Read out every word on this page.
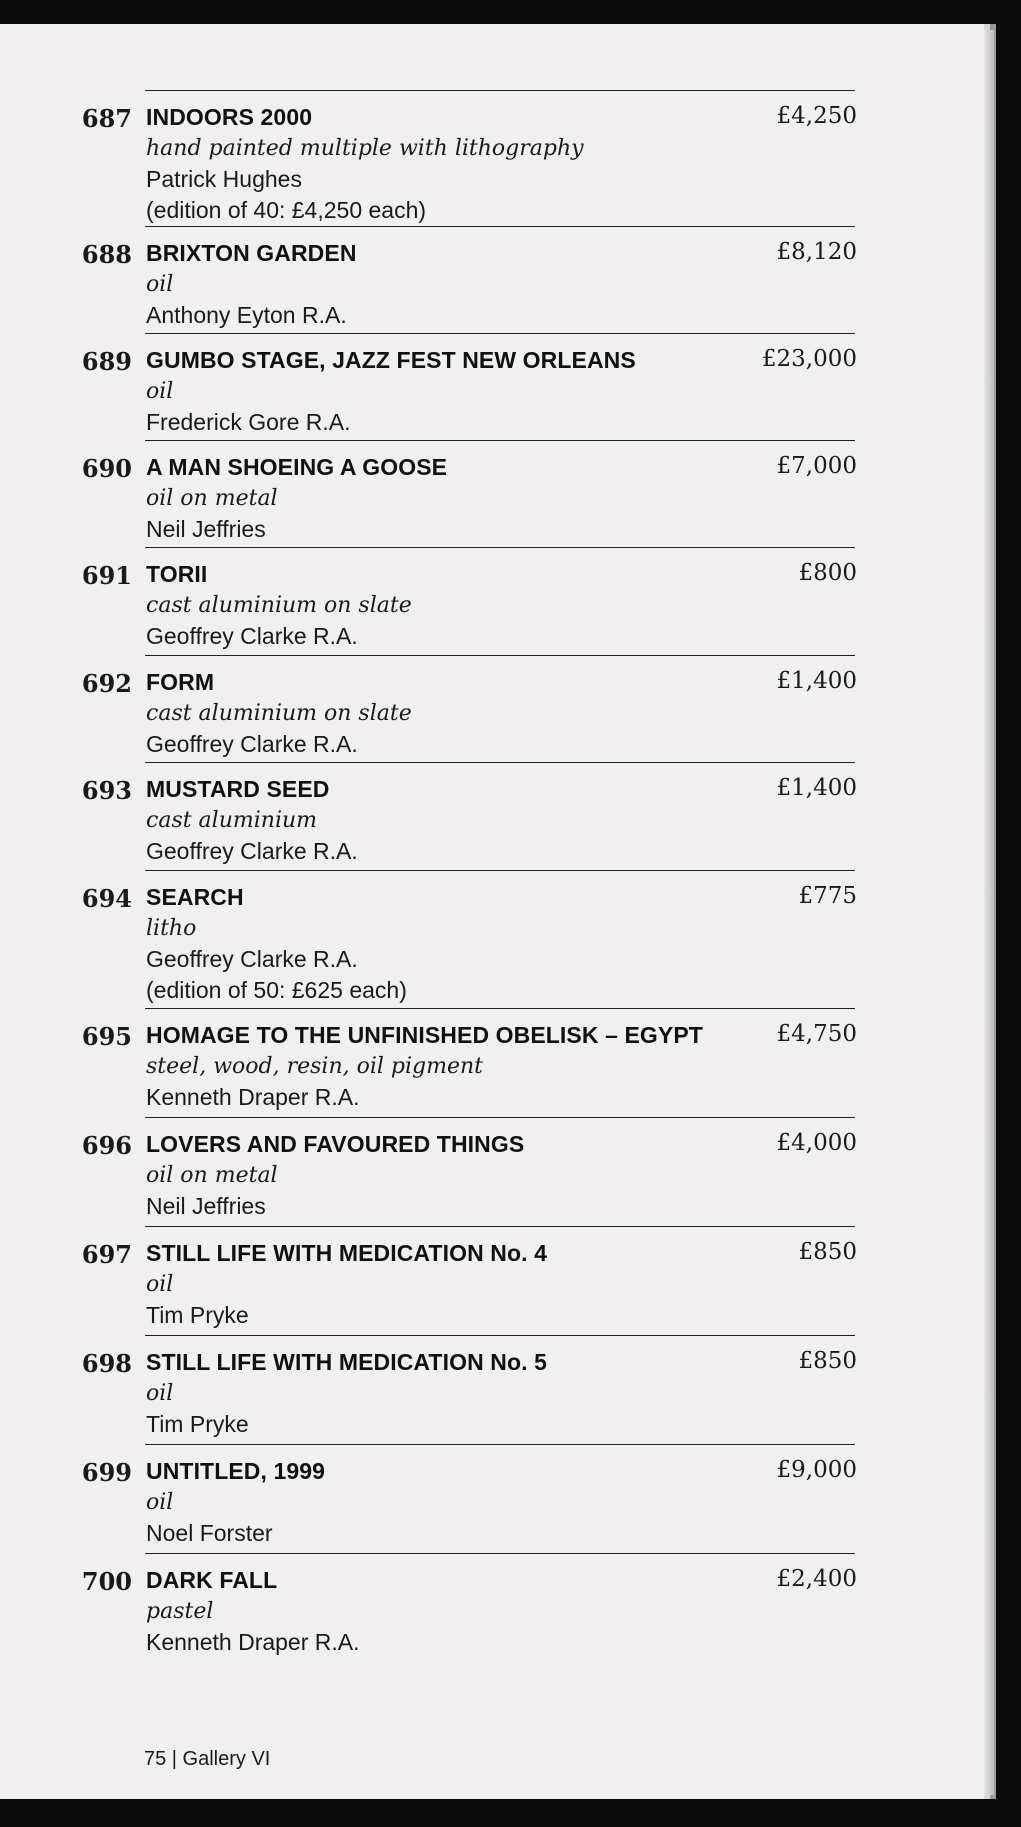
687 INDOORS 2000
hand painted multiple with lithography
Patrick Hughes
(edition of 40: £4,250 each)
£4,250
688 BRIXTON GARDEN
oil
Anthony Eyton R.A.
£8,120
689 GUMBO STAGE, JAZZ FEST NEW ORLEANS
oil
Frederick Gore R.A.
£23,000
690 A MAN SHOEING A GOOSE
oil on metal
Neil Jeffries
£7,000
691 TORII
cast aluminium on slate
Geoffrey Clarke R.A.
£800
692 FORM
cast aluminium on slate
Geoffrey Clarke R.A.
£1,400
693 MUSTARD SEED
cast aluminium
Geoffrey Clarke R.A.
£1,400
694 SEARCH
litho
Geoffrey Clarke R.A.
(edition of 50: £625 each)
£775
695 HOMAGE TO THE UNFINISHED OBELISK – EGYPT
steel, wood, resin, oil pigment
Kenneth Draper R.A.
£4,750
696 LOVERS AND FAVOURED THINGS
oil on metal
Neil Jeffries
£4,000
697 STILL LIFE WITH MEDICATION No. 4
oil
Tim Pryke
£850
698 STILL LIFE WITH MEDICATION No. 5
oil
Tim Pryke
£850
699 UNTITLED, 1999
oil
Noel Forster
£9,000
700 DARK FALL
pastel
Kenneth Draper R.A.
£2,400
75 | Gallery VI
